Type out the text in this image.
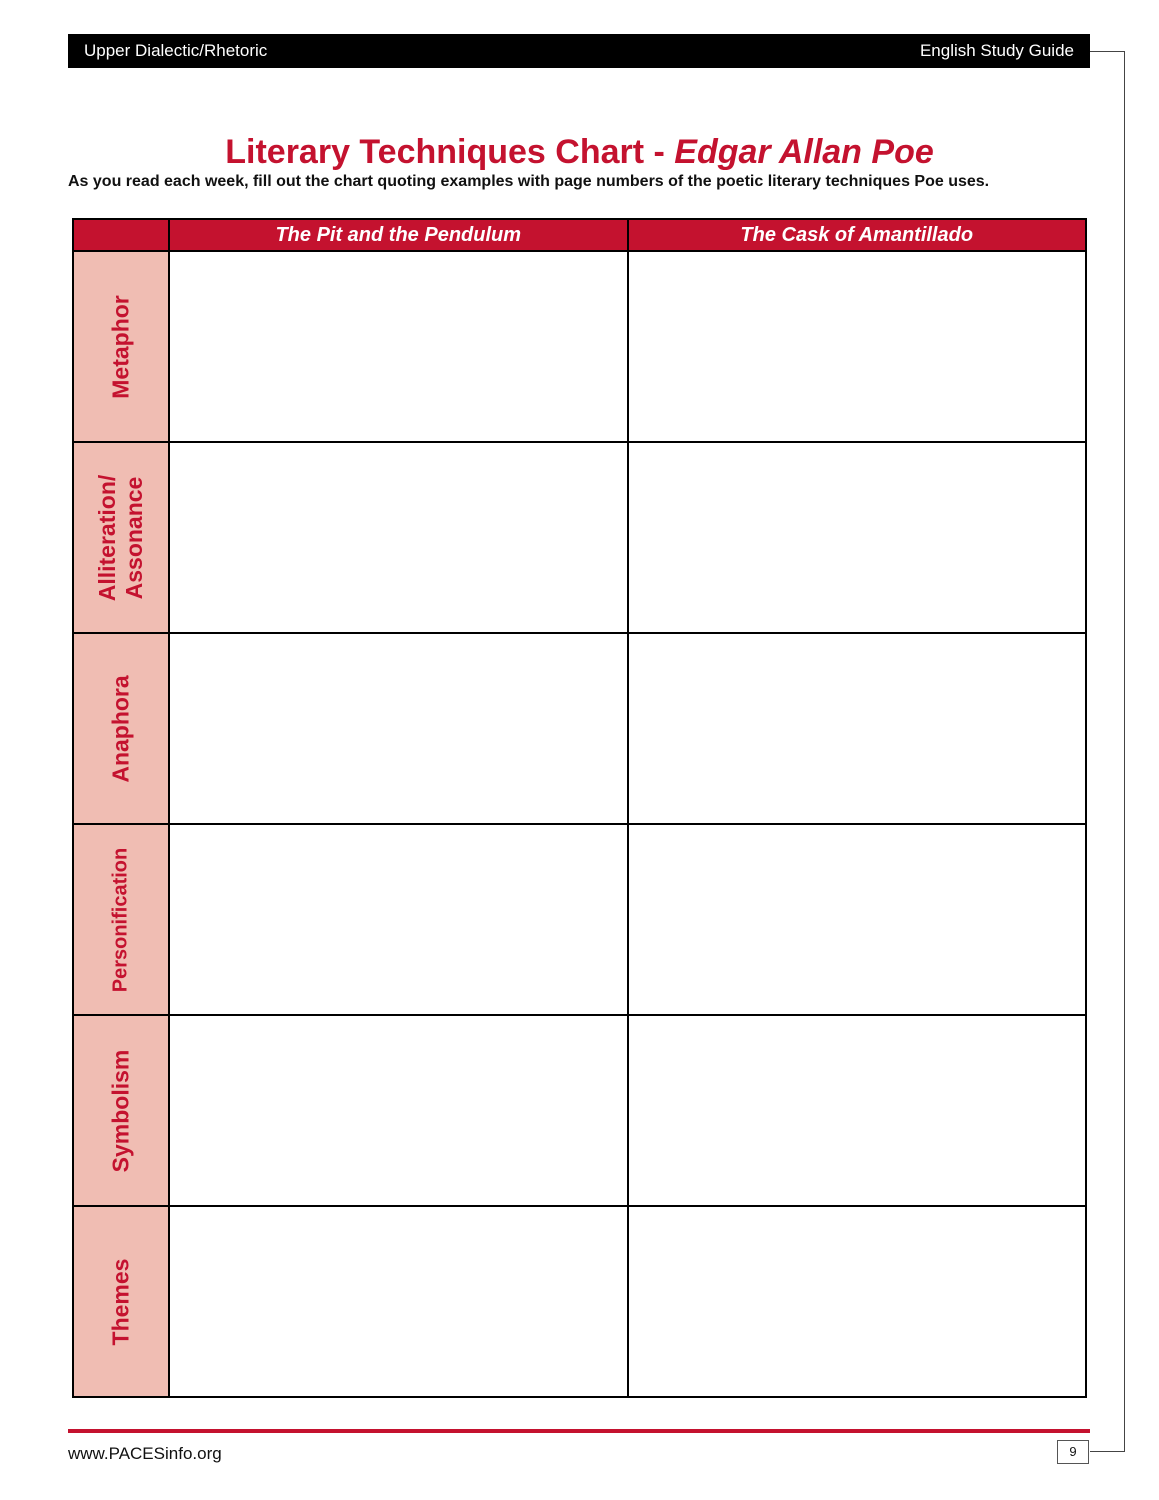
Upper Dialectic/Rhetoric	English Study Guide
Literary Techniques Chart - Edgar Allan Poe
As you read each week, fill out the chart quoting examples with page numbers of the poetic literary techniques Poe uses.
	The Pit and the Pendulum	The Cask of Amantillado

Metaphor		

Alliteration/ Assonance		

Anaphora		

Personification		

Symbolism		

Themes		

www.PACESinfo.org	9
